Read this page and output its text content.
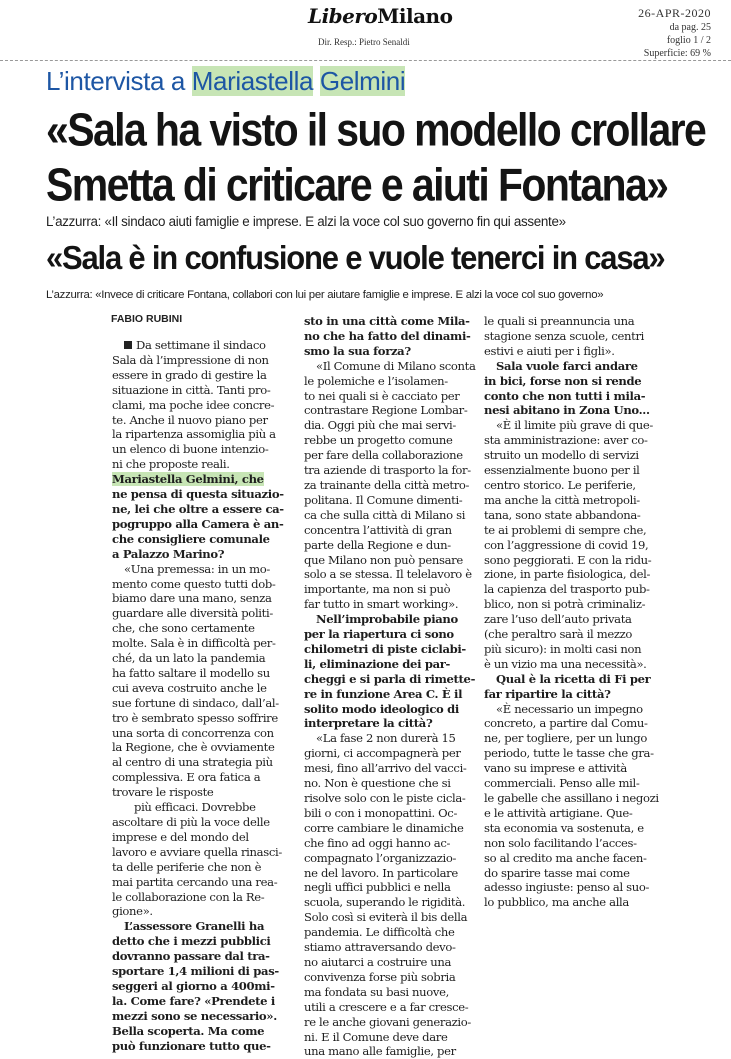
LiberoMilano
Dir. Resp.: Pietro Senaldi
26-APR-2020
da pag. 25
foglio 1 / 2
Superficie: 69 %
L’intervista a Mariastella Gelmini
«Sala ha visto il suo modello crollare
Smetta di criticare e aiuti Fontana»
L’azzurra: «Il sindaco aiuti famiglie e imprese. E alzi la voce col suo governo fin qui assente»
«Sala è in confusione e vuole tenerci in casa»
L’azzurra: «Invece di criticare Fontana, collabori con lui per aiutare famiglie e imprese. E alzi la voce col suo governo»
FABIO RUBINI
Da settimane il sindaco
Sala dà l’impressione di non
essere in grado di gestire la
situazione in città. Tanti pro-
clami, ma poche idee concre-
te. Anche il nuovo piano per
la ripartenza assomiglia più a
un elenco di buone intenzio-
ni che proposte reali.
Mariastella Gelmini, che
ne pensa di questa situazio-
ne, lei che oltre a essere ca-
pogruppo alla Camera è an-
che consigliere comunale
a Palazzo Marino?
«Una premessa: in un mo-
mento come questo tutti dob-
biamo dare una mano, senza
guardare alle diversità politi-
che, che sono certamente
molte. Sala è in difficoltà per-
ché, da un lato la pandemia
ha fatto saltare il modello su
cui aveva costruito anche le
sue fortune di sindaco, dall’al-
tro è sembrato spesso soffrire
una sorta di concorrenza con
la Regione, che è ovviamente
al centro di una strategia più
complessiva. E ora fatica a
trovare le risposte
più efficaci. Dovrebbe
ascoltare di più la voce delle
imprese e del mondo del
lavoro e avviare quella rinasci-
ta delle periferie che non è
mai partita cercando una rea-
le collaborazione con la Re-
gione».
L’assessore Granelli ha
detto che i mezzi pubblici
dovranno passare dal tra-
sportare 1,4 milioni di pas-
seggeri al giorno a 400mi-
la. Come fare? «Prendete i
mezzi sono se necessario».
Bella scoperta. Ma come
può funzionare tutto que-
sto in una città come Mila-
no che ha fatto del dinami-
smo la sua forza?
«Il Comune di Milano sconta
le polemiche e l’isolamen-
to nei quali si è cacciato per
contrastare Regione Lombar-
dia. Oggi più che mai servi-
rebbe un progetto comune
per fare della collaborazione
tra aziende di trasporto la for-
za trainante della città metro-
politana. Il Comune dimenti-
ca che sulla città di Milano si
concentra l’attività di gran
parte della Regione e dun-
que Milano non può pensare
solo a se stessa. Il telelavoro è
importante, ma non si può
far tutto in smart working».
Nell’improbabile piano
per la riapertura ci sono
chilometri di piste ciclabi-
li, eliminazione dei par-
cheggi e si parla di rimette-
re in funzione Area C. È il
solito modo ideologico di
interpretare la città?
«La fase 2 non durerà 15
giorni, ci accompagnerà per
mesi, fino all’arrivo del vacci-
no. Non è questione che si
risolve solo con le piste cicla-
bili o con i monopattini. Oc-
corre cambiare le dinamiche
che fino ad oggi hanno ac-
compagnato l’organizzazio-
ne del lavoro. In particolare
negli uffici pubblici e nella
scuola, superando le rigidità.
Solo così si eviterà il bis della
pandemia. Le difficoltà che
stiamo attraversando devo-
no aiutarci a costruire una
convivenza forse più sobria
ma fondata su basi nuove,
utili a crescere e a far cresce-
re le anche giovani generazio-
ni. E il Comune deve dare
una mano alle famiglie, per
le quali si preannuncia una
stagione senza scuole, centri
estivi e aiuti per i figli».
Sala vuole farci andare
in bici, forse non si rende
conto che non tutti i mila-
nesi abitano in Zona Uno...
«È il limite più grave di que-
sta amministrazione: aver co-
struito un modello di servizi
essenzialmente buono per il
centro storico. Le periferie,
ma anche la città metropoli-
tana, sono state abbandona-
te ai problemi di sempre che,
con l’aggressione di covid 19,
sono peggiorati. E con la ridu-
zione, in parte fisiologica, del-
la capienza del trasporto pub-
blico, non si potrà criminaliz-
zare l’uso dell’auto privata
(che peraltro sarà il mezzo
più sicuro): in molti casi non
è un vizio ma una necessità».
Qual è la ricetta di Fi per
far ripartire la città?
«È necessario un impegno
concreto, a partire dal Comu-
ne, per togliere, per un lungo
periodo, tutte le tasse che gra-
vano su imprese e attività
commerciali. Penso alle mil-
le gabelle che assillano i negozi
e le attività artigiane. Que-
sta economia va sostenuta, e
non solo facilitando l’acces-
so al credito ma anche facen-
do sparire tasse mai come
adesso ingiuste: penso al suo-
lo pubblico, ma anche alla
